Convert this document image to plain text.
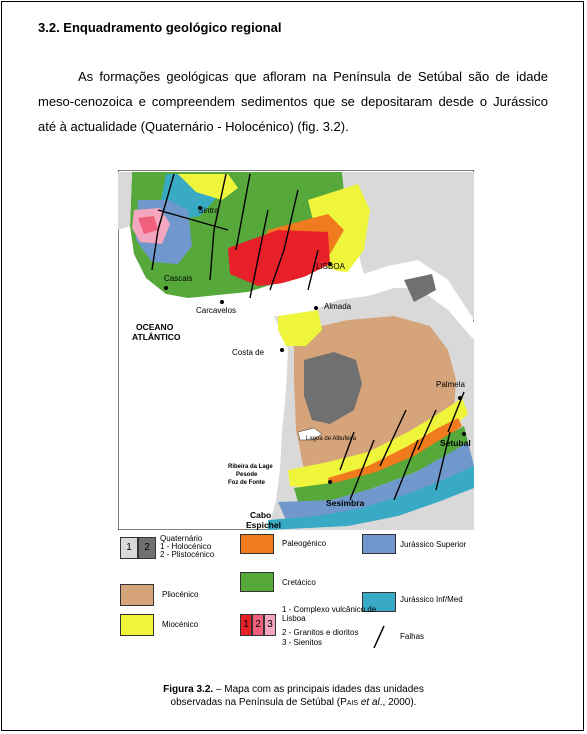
3.2. Enquadramento geológico regional

As formações geológicas que afloram na Península de Setúbal são de idade meso-cenozoica e compreendem sedimentos que se depositaram desde o Jurássico até à actualidade (Quaternário - Holocénico) (fig. 3.2).

Sintra
LISBOA
Cascais
Carcavelos	Almada
OCEANO
ATLÂNTICO
Costa de
Palmela
Lagoa de Albufeira
Ribeira da Lage
Pesode
Foz de Fonte
Setubal
Sesimbra
Cabo
Espichel
1	2
Quaternário
1 - Holocénico
2 - Plistocénico
Paleogénico	Jurássico Superior
Pliocénico
Cretácico
Jurássico Inf/Med
Miocénico	1 2 3
1 - Complexo vulcânico de Lisboa
2 - Granitos e dioritos
3 - Sienitos
Falhas
Figura 3.2. – Mapa com as principais idades das unidades
observadas na Península de Setúbal (Pais et al., 2000).
